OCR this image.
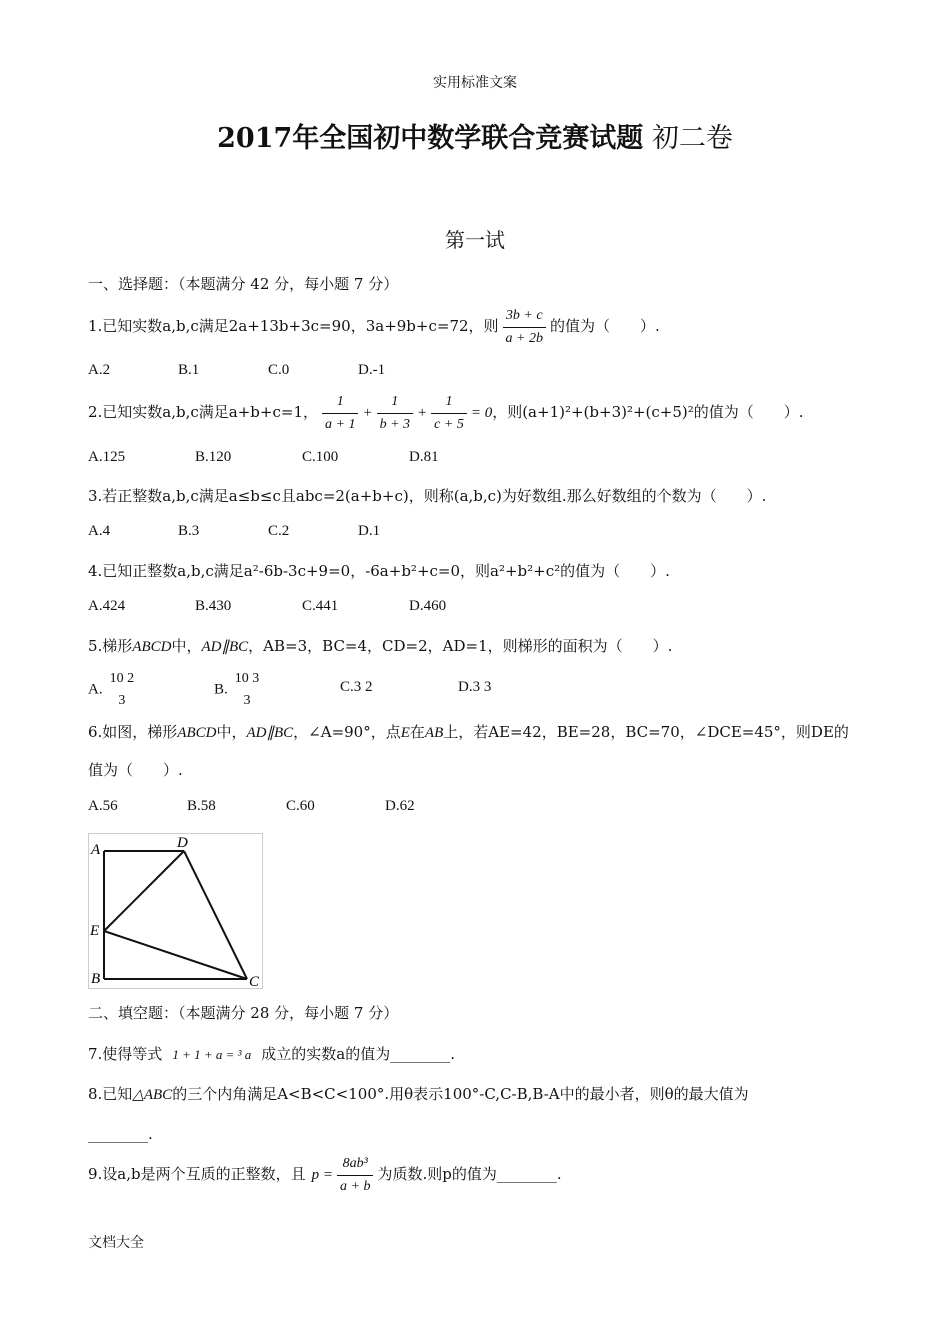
实用标准文案
2017年全国初中数学联合竞赛试题 初二卷
第一试
一、选择题：（本题满分 42 分，每小题 7 分）
1.已知实数a,b,c满足2a+13b+3c=90，3a+9b+c=72，则 $\frac{3b + c}{a + 2b}$ 的值为（　　）.
A.2	B.1	C.0	D.-1
2.已知实数a,b,c满足a+b+c=1， $\frac{1}{a + 1} + \frac{1}{b + 3} + \frac{1}{c + 5} = 0$，则(a+1)²+(b+3)²+(c+5)²的值为（　　）.
A.125	B.120	C.100	D.81
3.若正整数a,b,c满足a≤b≤c且abc=2(a+b+c)，则称(a,b,c)为好数组.那么好数组的个数为（　　）.
A.4	B.3	C.2	D.1
4.已知正整数a,b,c满足a²-6b-3c+9=0，-6a+b²+c=0，则a²+b²+c²的值为（　　）.
A.424	B.430	C.441	D.460
5.梯形ABCD中，AD∥BC，AB=3，BC=4，CD=2，AD=1，则梯形的面积为（　　）.
A.
10 2
3
B.
10 3
3
C.3 2	D.3 3
6.如图，梯形ABCD中，AD∥BC，∠A=90°，点E在AB上，若AE=42，BE=28，BC=70，∠DCE=45°，则DE的
值为（　　）.
A.56	B.58	C.60	D.62
A	D
E
B	C
二、填空题：（本题满分 28 分，每小题 7 分）
7.使得等式 1 + 1 + a = ³ a 成立的实数a的值为________.
8.已知△ABC的三个内角满足A<B<C<100°.用θ表示100°-C,C-B,B-A中的最小者，则θ的最大值为
________.
9.设a,b是两个互质的正整数，且 $p = \frac{\text{8ab³}}{a + b}$ 为质数.则p的值为________.
文档大全
